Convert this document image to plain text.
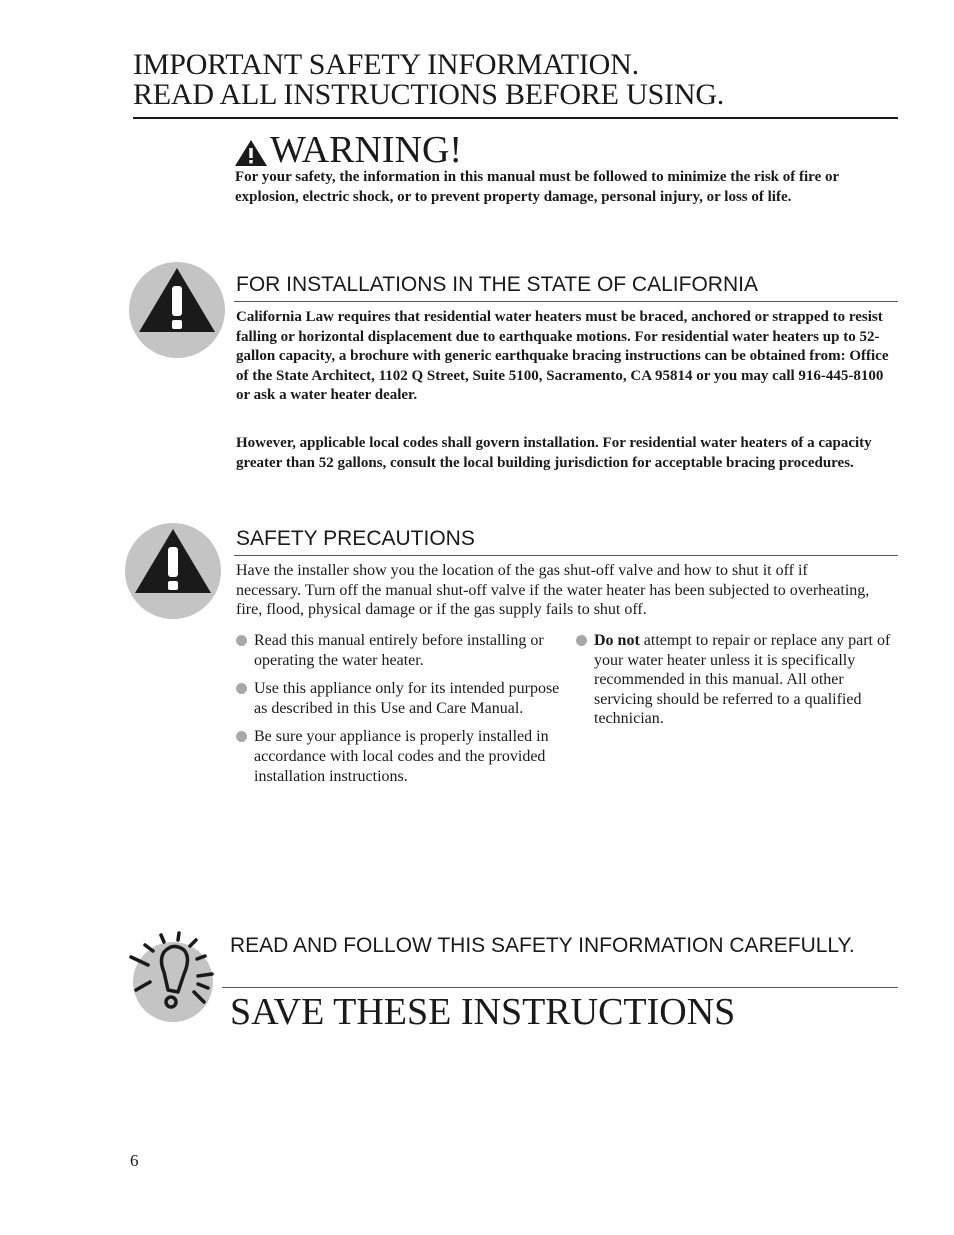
IMPORTANT SAFETY INFORMATION.
READ ALL INSTRUCTIONS BEFORE USING.
WARNING!
For your safety, the information in this manual must be followed to minimize the risk of fire or explosion, electric shock, or to prevent property damage, personal injury, or loss of life.
FOR INSTALLATIONS IN THE STATE OF CALIFORNIA
California Law requires that residential water heaters must be braced, anchored or strapped to resist falling or horizontal displacement due to earthquake motions. For residential water heaters up to 52-gallon capacity, a brochure with generic earthquake bracing instructions can be obtained from: Office of the State Architect, 1102 Q Street, Suite 5100, Sacramento, CA 95814 or you may call 916-445-8100 or ask a water heater dealer.
However, applicable local codes shall govern installation. For residential water heaters of a capacity greater than 52 gallons, consult the local building jurisdiction for acceptable bracing procedures.
SAFETY PRECAUTIONS
Have the installer show you the location of the gas shut-off valve and how to shut it off if necessary. Turn off the manual shut-off valve if the water heater has been subjected to overheating, fire, flood, physical damage or if the gas supply fails to shut off.
Read this manual entirely before installing or operating the water heater.
Use this appliance only for its intended purpose as described in this Use and Care Manual.
Be sure your appliance is properly installed in accordance with local codes and the provided installation instructions.
Do not attempt to repair or replace any part of your water heater unless it is specifically recommended in this manual. All other servicing should be referred to a qualified technician.
READ AND FOLLOW THIS SAFETY INFORMATION CAREFULLY.
SAVE THESE INSTRUCTIONS
6
